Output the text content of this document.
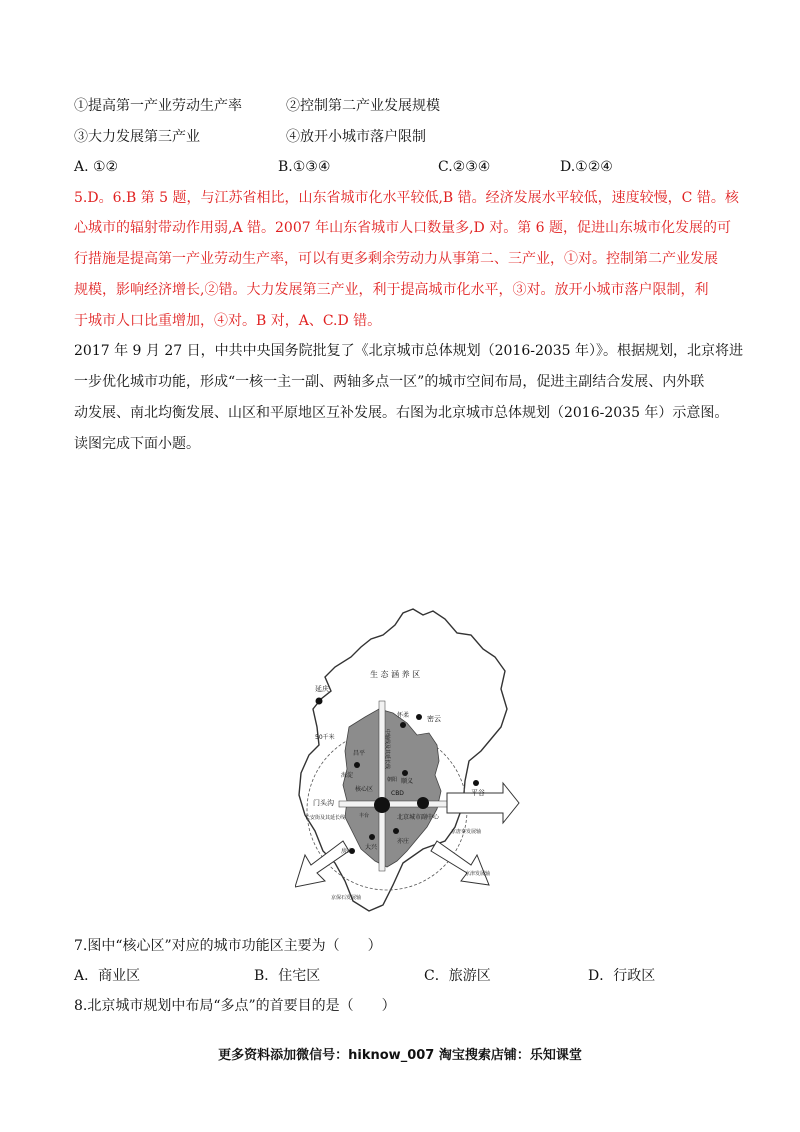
①提高第一产业劳动生产率	②控制第二产业发展规模
③大力发展第三产业	④放开小城市落户限制
A. ①②	B.①③④	C.②③④	D.①②④
5.D。6.B 第 5 题，与江苏省相比，山东省城市化水平较低,B 错。经济发展水平较低，速度较慢，C 错。核
心城市的辐射带动作用弱,A 错。2007 年山东省城市人口数量多,D 对。第 6 题，促进山东城市化发展的可
行措施是提高第一产业劳动生产率，可以有更多剩余劳动力从事第二、三产业，①对。控制第二产业发展
规模，影响经济增长,②错。大力发展第三产业，利于提高城市化水平，③对。放开小城市落户限制，利
于城市人口比重增加，④对。B 对，A、C.D 错。
2017 年 9 月 27 日，中共中央国务院批复了《北京城市总体规划（2016-2035 年）》。根据规划，北京将进
一步优化城市功能，形成“一核一主一副、两轴多点一区”的城市空间布局，促进主副结合发展、内外联
动发展、南北均衡发展、山区和平原地区互补发展。右图为北京城市总体规划（2016-2035 年）示意图。
读图完成下面小题。
生 态 涵 养 区
延庆
密云
怀柔
平谷
50千米
昌平
顺义
海淀
朝阳
核心区
CBD
门头沟
丰台
长安街及其延长线	北京城市副中心
京唐秦发展轴
房山
大兴
亦庄
京津发展轴
京保石发展轴
中轴线及其延长线
7.图中“核心区”对应的城市功能区主要为（　　）
A．商业区	B．住宅区	C．旅游区	D．行政区
8.北京城市规划中布局“多点”的首要目的是（　　）
更多资料添加微信号：hiknow_007 淘宝搜索店铺：乐知课堂
